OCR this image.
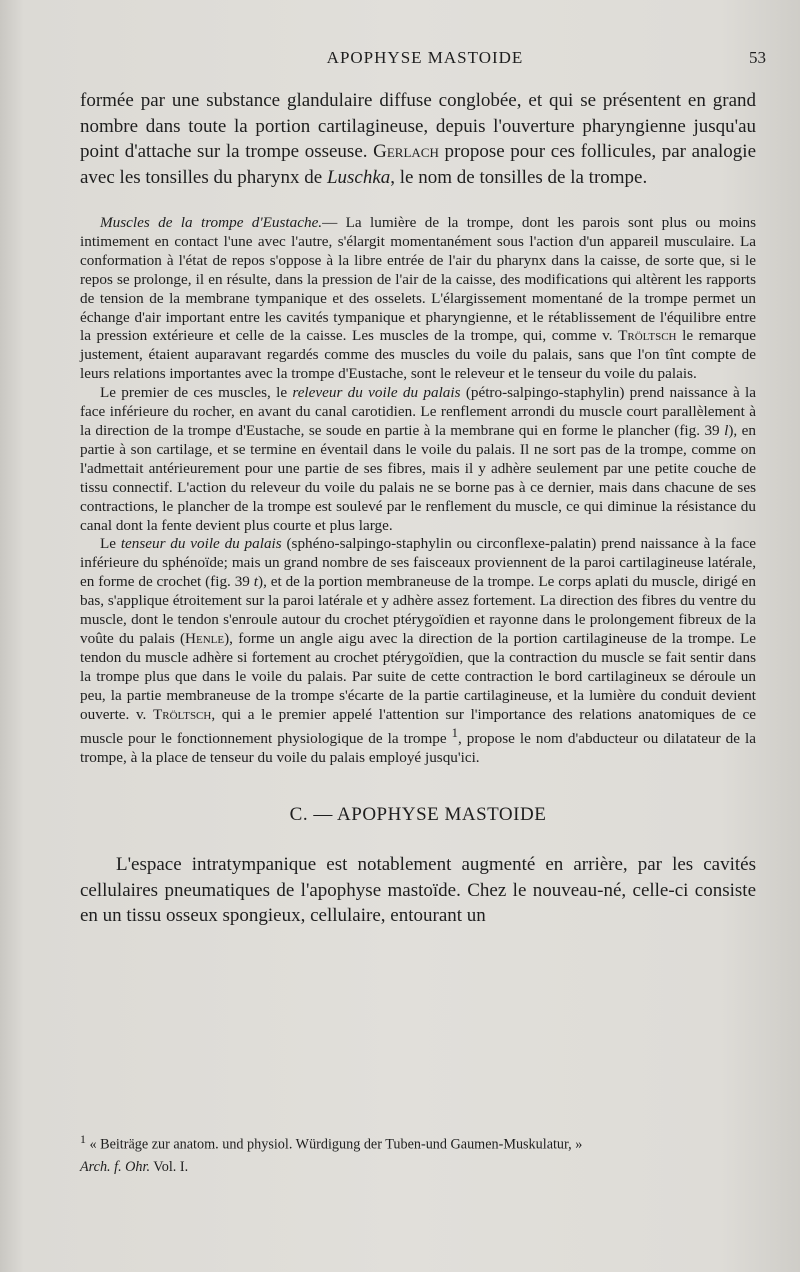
APOPHYSE MASTOIDE	53

formée par une substance glandulaire diffuse conglobée, et qui se présentent en grand nombre dans toute la portion cartilagineuse, depuis l'ouverture pharyngienne jusqu'au point d'attache sur la trompe osseuse. Gerlach propose pour ces follicules, par analogie avec les tonsilles du pharynx de Luschka, le nom de tonsilles de la trompe.

Muscles de la trompe d'Eustache.— La lumière de la trompe, dont les parois sont plus ou moins intimement en contact l'une avec l'autre, s'élargit momentanément sous l'action d'un appareil musculaire. La conformation à l'état de repos s'oppose à la libre entrée de l'air du pharynx dans la caisse, de sorte que, si le repos se prolonge, il en résulte, dans la pression de l'air de la caisse, des modifications qui altèrent les rapports de tension de la membrane tympanique et des osselets. L'élargissement momentané de la trompe permet un échange d'air important entre les cavités tympanique et pharyngienne, et le rétablissement de l'équilibre entre la pression extérieure et celle de la caisse. Les muscles de la trompe, qui, comme v. Tröltsch le remarque justement, étaient auparavant regardés comme des muscles du voile du palais, sans que l'on tînt compte de leurs relations importantes avec la trompe d'Eustache, sont le releveur et le tenseur du voile du palais.

Le premier de ces muscles, le releveur du voile du palais (pétro-salpingo-staphylin) prend naissance à la face inférieure du rocher, en avant du canal carotidien. Le renflement arrondi du muscle court parallèlement à la direction de la trompe d'Eustache, se soude en partie à la membrane qui en forme le plancher (fig. 39 l), en partie à son cartilage, et se termine en éventail dans le voile du palais. Il ne sort pas de la trompe, comme on l'admettait antérieurement pour une partie de ses fibres, mais il y adhère seulement par une petite couche de tissu connectif. L'action du releveur du voile du palais ne se borne pas à ce dernier, mais dans chacune de ses contractions, le plancher de la trompe est soulevé par le renflement du muscle, ce qui diminue la résistance du canal dont la fente devient plus courte et plus large.

Le tenseur du voile du palais (sphéno-salpingo-staphylin ou circonflexe-palatin) prend naissance à la face inférieure du sphénoïde; mais un grand nombre de ses faisceaux proviennent de la paroi cartilagineuse latérale, en forme de crochet (fig. 39 t), et de la portion membraneuse de la trompe. Le corps aplati du muscle, dirigé en bas, s'applique étroitement sur la paroi latérale et y adhère assez fortement. La direction des fibres du ventre du muscle, dont le tendon s'enroule autour du crochet ptérygoïdien et rayonne dans le prolongement fibreux de la voûte du palais (Henle), forme un angle aigu avec la direction de la portion cartilagineuse de la trompe. Le tendon du muscle adhère si fortement au crochet ptérygoïdien, que la contraction du muscle se fait sentir dans la trompe plus que dans le voile du palais. Par suite de cette contraction le bord cartilagineux se déroule un peu, la partie membraneuse de la trompe s'écarte de la partie cartilagineuse, et la lumière du conduit devient ouverte. v. Tröltsch, qui a le premier appelé l'attention sur l'importance des relations anatomiques de ce muscle pour le fonctionnement physiologique de la trompe $^1$, propose le nom d'abducteur ou dilatateur de la trompe, à la place de tenseur du voile du palais employé jusqu'ici.

C. — APOPHYSE MASTOIDE

L'espace intratympanique est notablement augmenté en arrière, par les cavités cellulaires pneumatiques de l'apophyse mastoïde. Chez le nouveau-né, celle-ci consiste en un tissu osseux spongieux, cellulaire, entourant un

$^1$ « Beiträge zur anatom. und physiol. Würdigung der Tuben-und Gaumen-Muskulatur, »
Arch. f. Ohr. Vol. I.
